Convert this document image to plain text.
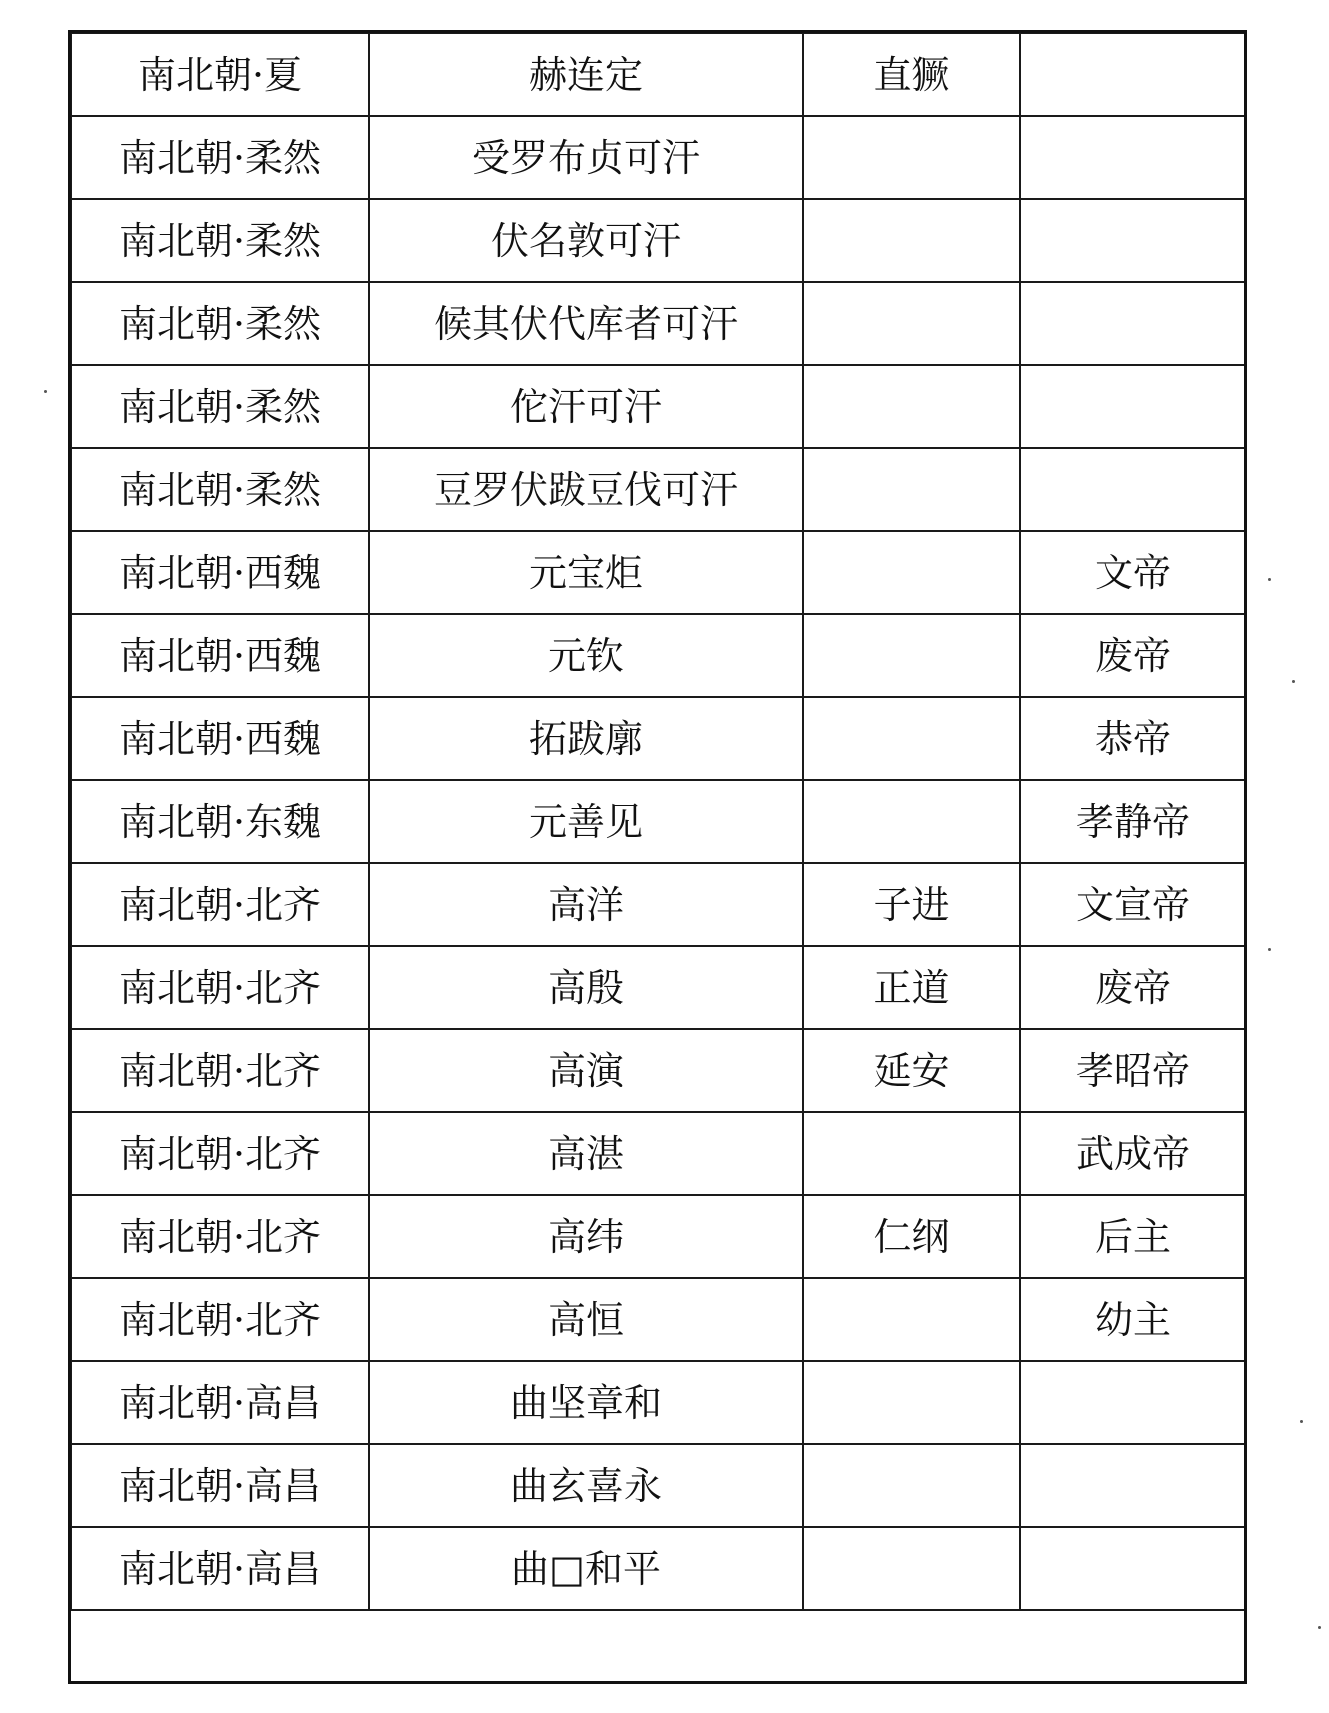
南北朝·夏	赫连定	直獗	
南北朝·柔然	受罗布贞可汗		
南北朝·柔然	伏名敦可汗		
南北朝·柔然	候其伏代库者可汗		
南北朝·柔然	佗汗可汗		
南北朝·柔然	豆罗伏跋豆伐可汗		
南北朝·西魏	元宝炬		文帝
南北朝·西魏	元钦		废帝
南北朝·西魏	拓跋廓		恭帝
南北朝·东魏	元善见		孝静帝
南北朝·北齐	高洋	子进	文宣帝
南北朝·北齐	高殷	正道	废帝
南北朝·北齐	高演	延安	孝昭帝
南北朝·北齐	高湛		武成帝
南北朝·北齐	高纬	仁纲	后主
南北朝·北齐	高恒		幼主
南北朝·高昌	曲坚章和		
南北朝·高昌	曲玄喜永		
南北朝·高昌	曲□和平		
